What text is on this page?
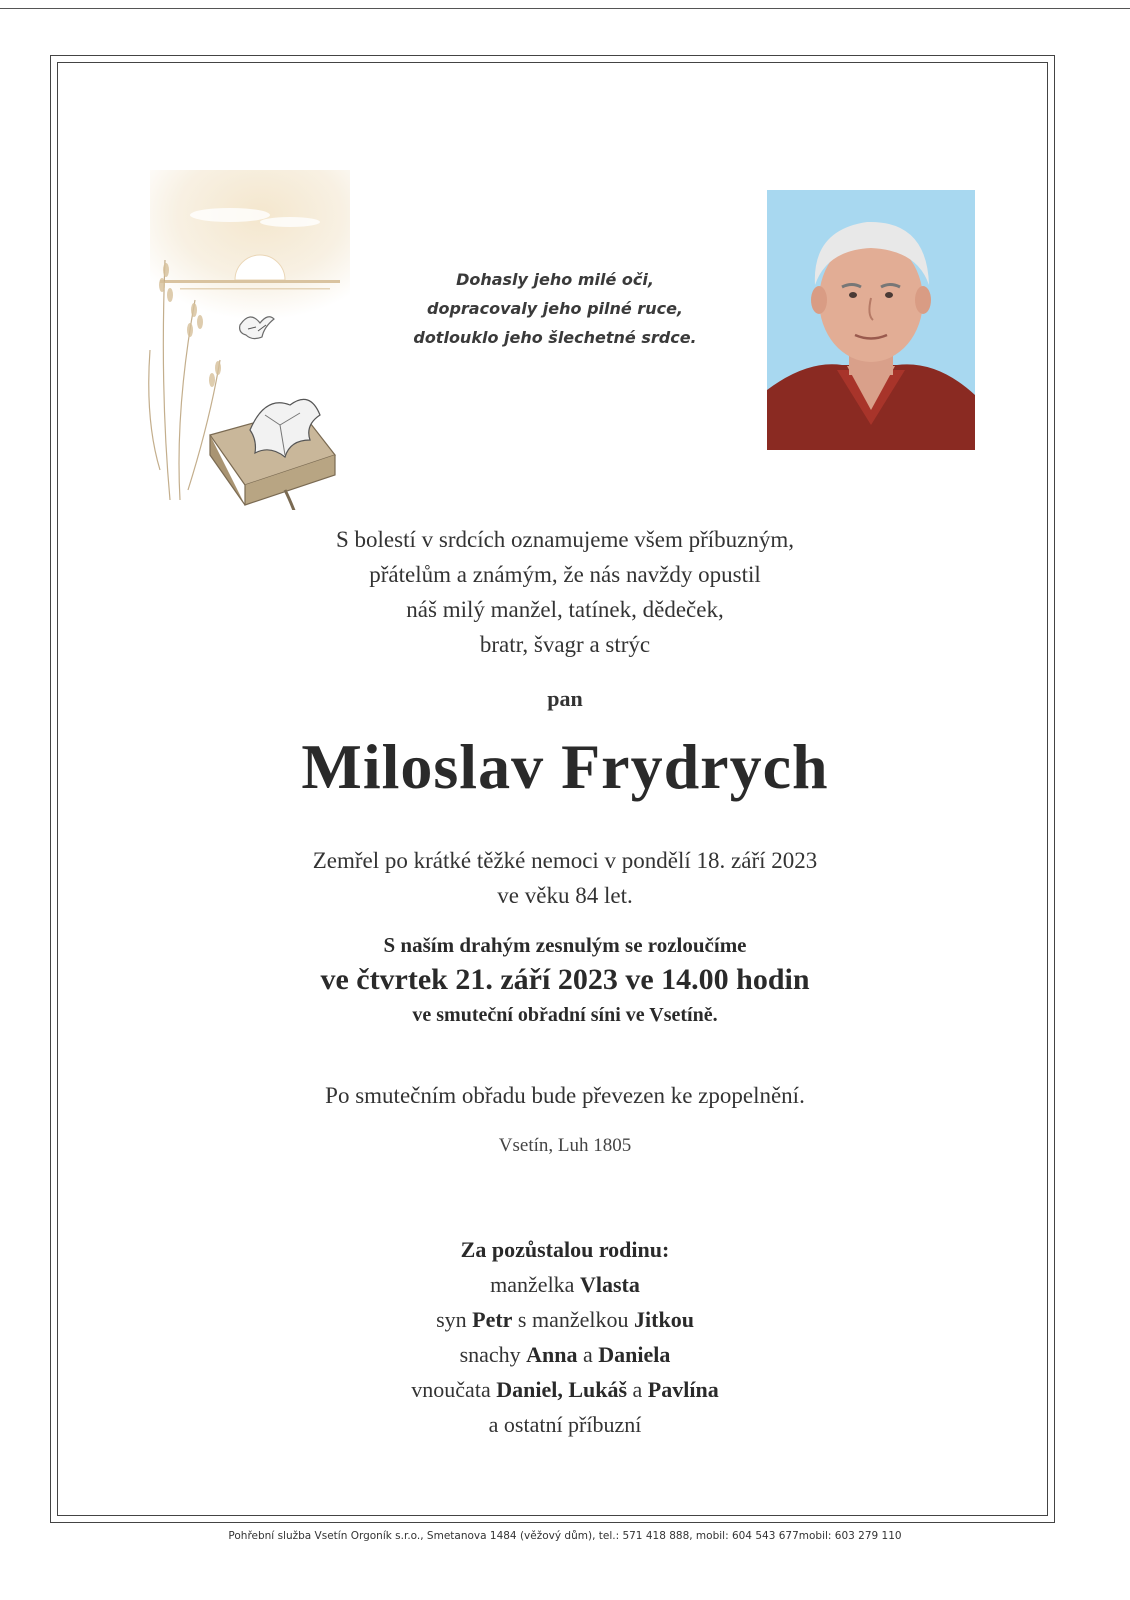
Dohasly jeho milé oči,
dopracovaly jeho pilné ruce,
dotlouklo jeho šlechetné srdce.
S bolestí v srdcích oznamujeme všem příbuzným,
přátelům a známým, že nás navždy opustil
náš milý manžel, tatínek, dědeček,
bratr, švagr a strýc
pan
Miloslav Frydrych
Zemřel po krátké těžké nemoci v pondělí 18. září 2023
ve věku 84 let.
S naším drahým zesnulým se rozloučíme
ve čtvrtek 21. září 2023 ve 14.00 hodin
ve smuteční obřadní síni ve Vsetíně.
Po smutečním obřadu bude převezen ke zpopelnění.
Vsetín, Luh 1805
Za pozůstalou rodinu:
manželka Vlasta
syn Petr s manželkou Jitkou
snachy Anna a Daniela
vnoučata Daniel, Lukáš a Pavlína
a ostatní příbuzní
Pohřební služba Vsetín Orgoník s.r.o., Smetanova 1484 (věžový dům), tel.: 571 418 888, mobil: 604 543 677mobil: 603 279 110
